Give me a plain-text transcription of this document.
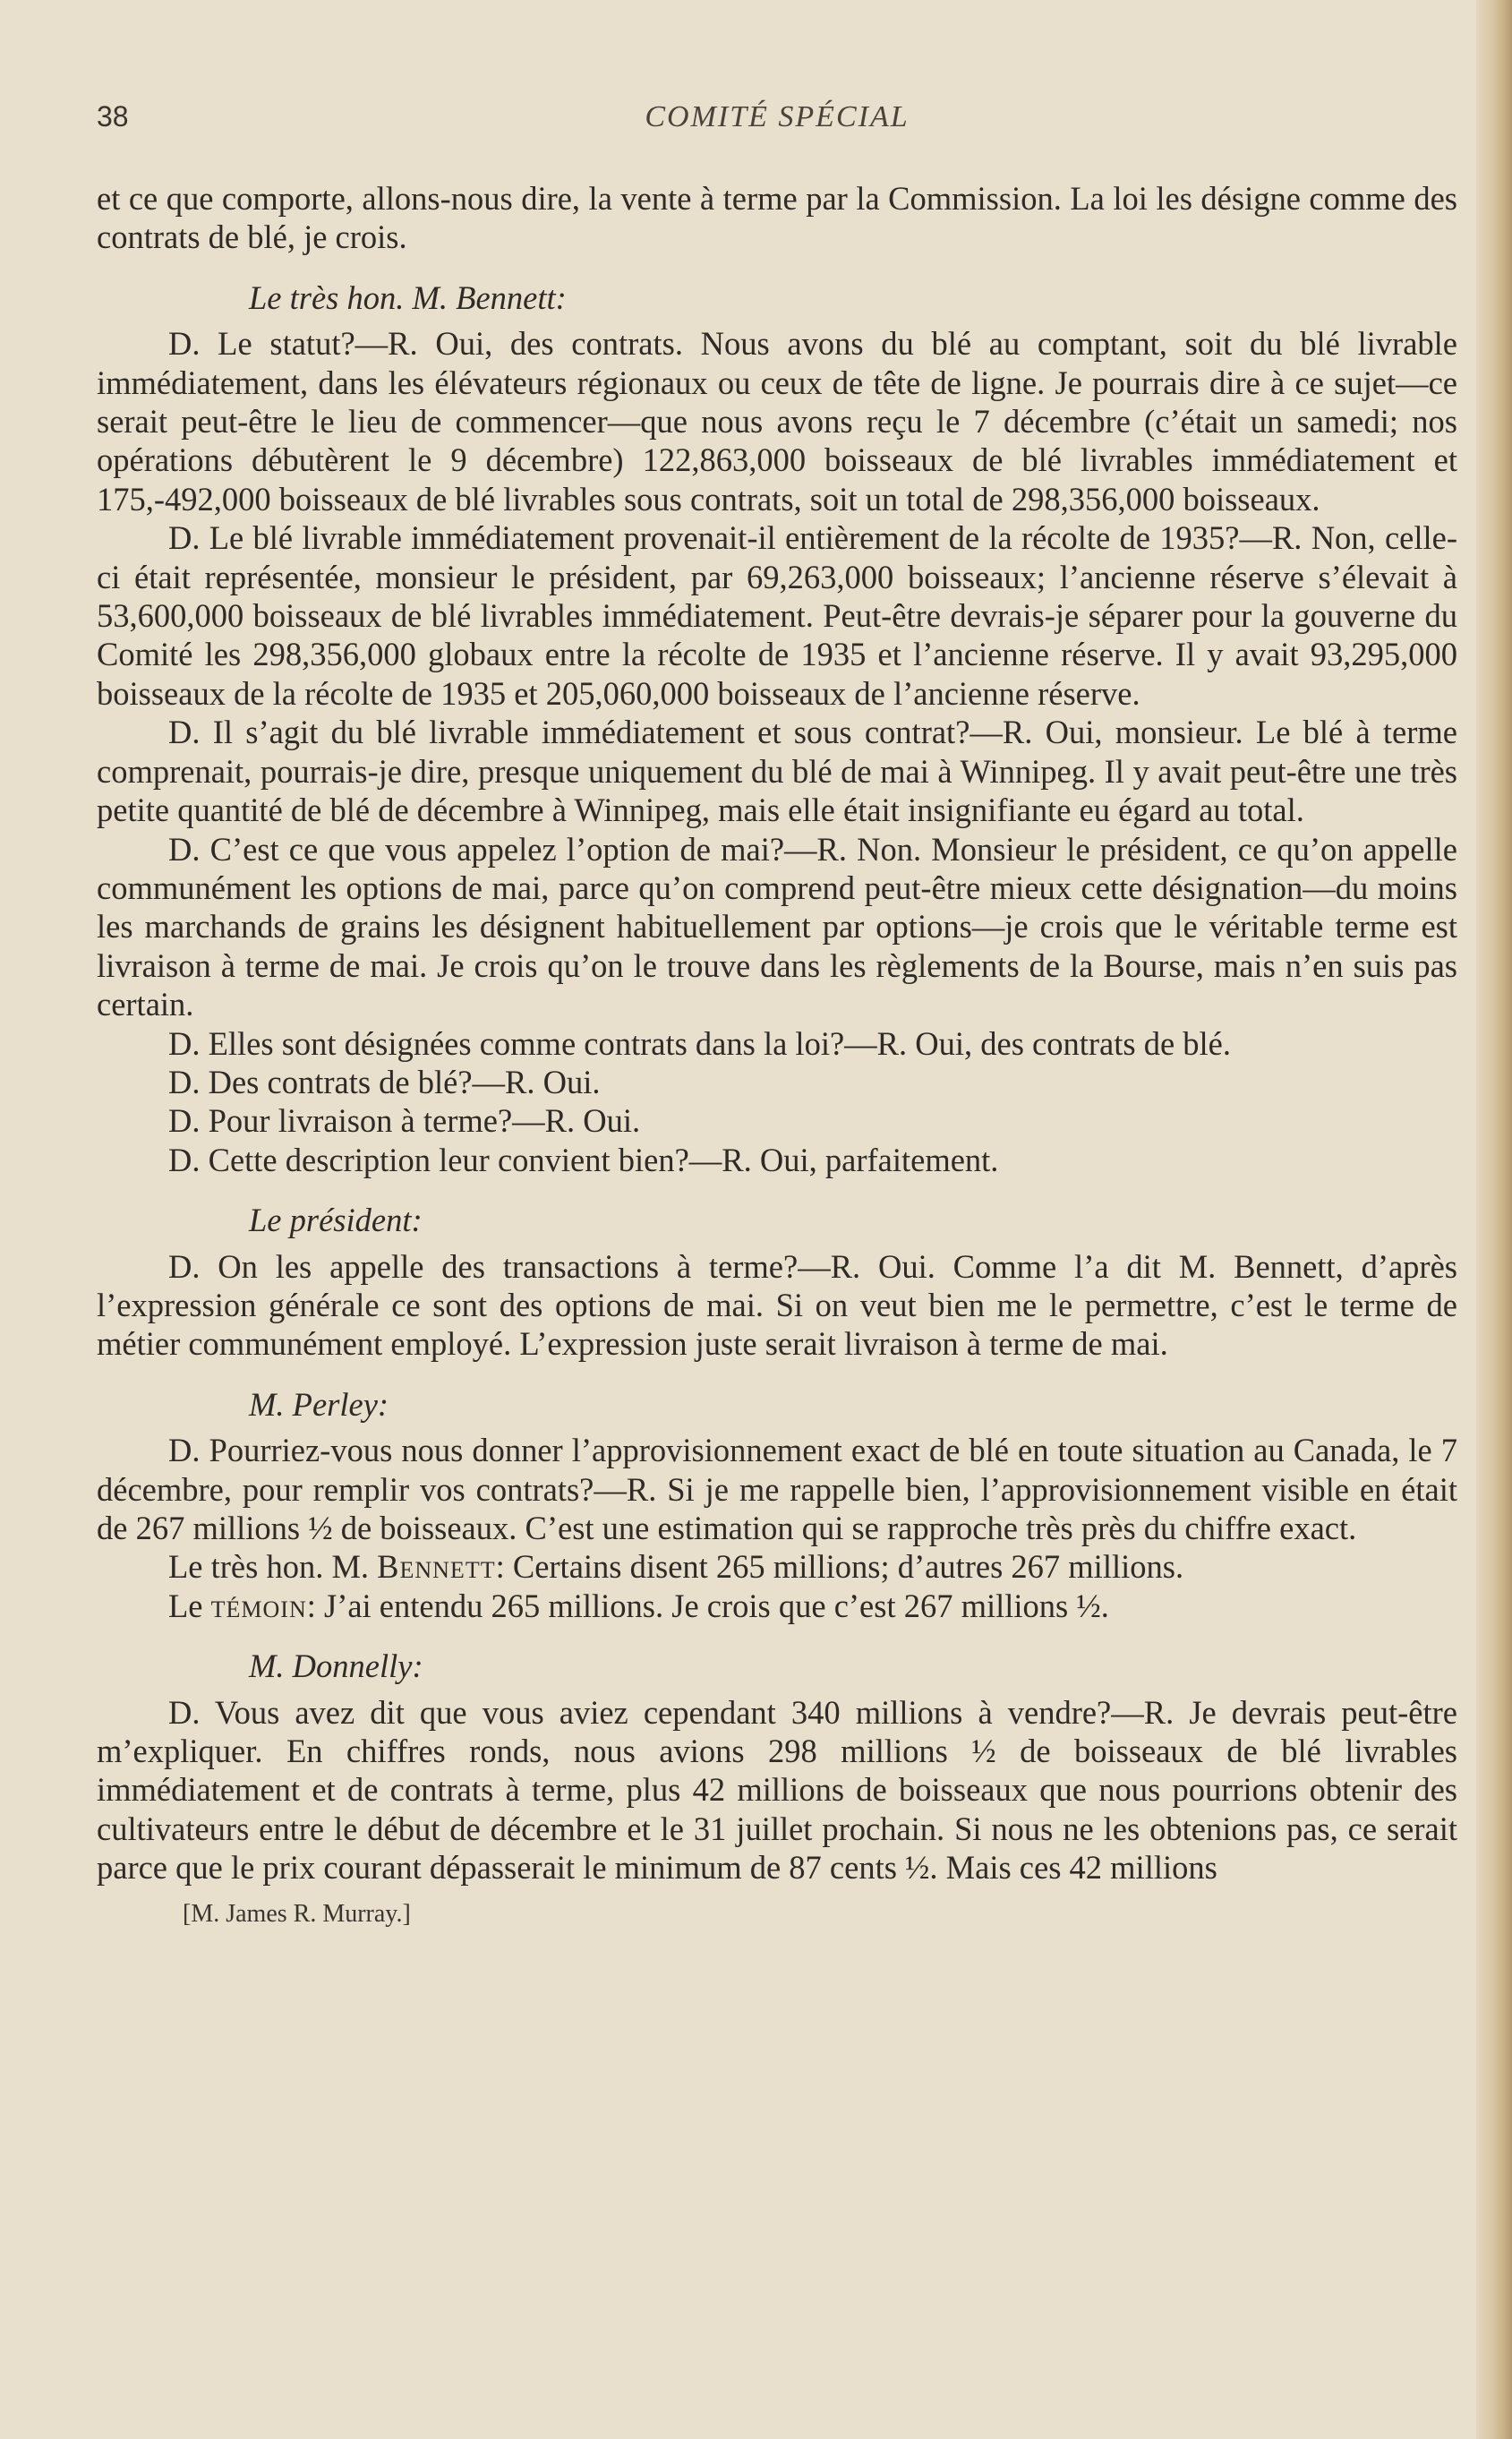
38	COMITÉ SPÉCIAL

et ce que comporte, allons-nous dire, la vente à terme par la Commission. La loi les désigne comme des contrats de blé, je crois.

Le très hon. M. Bennett:

D. Le statut?—R. Oui, des contrats. Nous avons du blé au comptant, soit du blé livrable immédiatement, dans les élévateurs régionaux ou ceux de tête de ligne. Je pourrais dire à ce sujet—ce serait peut-être le lieu de commencer—que nous avons reçu le 7 décembre (c’était un samedi; nos opérations débutèrent le 9 décembre) 122,863,000 boisseaux de blé livrables immédiatement et 175,-492,000 boisseaux de blé livrables sous contrats, soit un total de 298,356,000 boisseaux.

D. Le blé livrable immédiatement provenait-il entièrement de la récolte de 1935?—R. Non, celle-ci était représentée, monsieur le président, par 69,263,000 boisseaux; l’ancienne réserve s’élevait à 53,600,000 boisseaux de blé livrables immédiatement. Peut-être devrais-je séparer pour la gouverne du Comité les 298,356,000 globaux entre la récolte de 1935 et l’ancienne réserve. Il y avait 93,295,000 boisseaux de la récolte de 1935 et 205,060,000 boisseaux de l’ancienne réserve.

D. Il s’agit du blé livrable immédiatement et sous contrat?—R. Oui, monsieur. Le blé à terme comprenait, pourrais-je dire, presque uniquement du blé de mai à Winnipeg. Il y avait peut-être une très petite quantité de blé de décembre à Winnipeg, mais elle était insignifiante eu égard au total.

D. C’est ce que vous appelez l’option de mai?—R. Non. Monsieur le président, ce qu’on appelle communément les options de mai, parce qu’on comprend peut-être mieux cette désignation—du moins les marchands de grains les désignent habituellement par options—je crois que le véritable terme est livraison à terme de mai. Je crois qu’on le trouve dans les règlements de la Bourse, mais n’en suis pas certain.

D. Elles sont désignées comme contrats dans la loi?—R. Oui, des contrats de blé.

D. Des contrats de blé?—R. Oui.

D. Pour livraison à terme?—R. Oui.

D. Cette description leur convient bien?—R. Oui, parfaitement.

Le président:

D. On les appelle des transactions à terme?—R. Oui. Comme l’a dit M. Bennett, d’après l’expression générale ce sont des options de mai. Si on veut bien me le permettre, c’est le terme de métier communément employé. L’expression juste serait livraison à terme de mai.

M. Perley:

D. Pourriez-vous nous donner l’approvisionnement exact de blé en toute situation au Canada, le 7 décembre, pour remplir vos contrats?—R. Si je me rappelle bien, l’approvisionnement visible en était de 267 millions ½ de boisseaux. C’est une estimation qui se rapproche très près du chiffre exact.

Le très hon. M. Bennett: Certains disent 265 millions; d’autres 267 millions.

Le témoin: J’ai entendu 265 millions. Je crois que c’est 267 millions ½.

M. Donnelly:

D. Vous avez dit que vous aviez cependant 340 millions à vendre?—R. Je devrais peut-être m’expliquer. En chiffres ronds, nous avions 298 millions ½ de boisseaux de blé livrables immédiatement et de contrats à terme, plus 42 millions de boisseaux que nous pourrions obtenir des cultivateurs entre le début de décembre et le 31 juillet prochain. Si nous ne les obtenions pas, ce serait parce que le prix courant dépasserait le minimum de 87 cents ½. Mais ces 42 millions

[M. James R. Murray.]
